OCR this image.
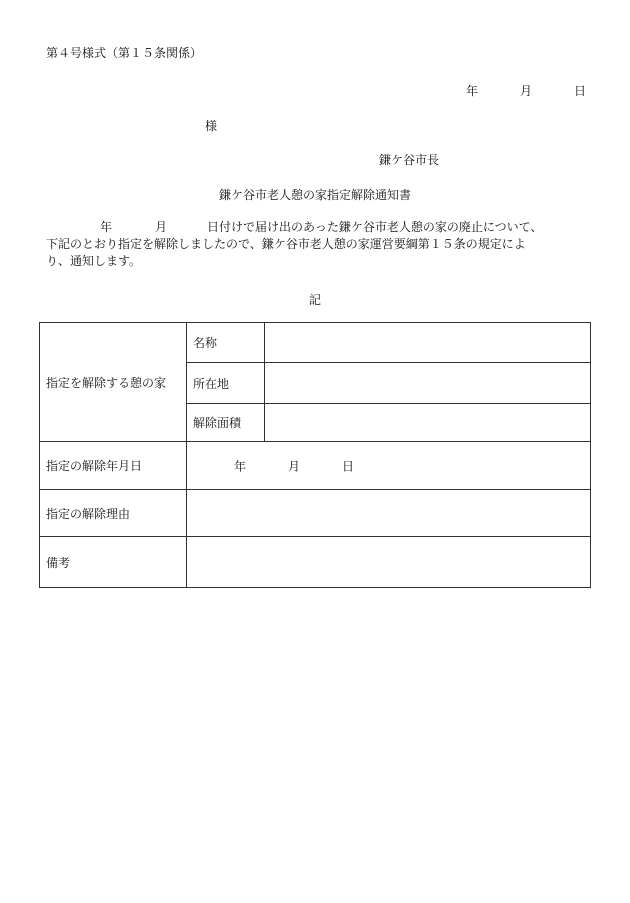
第４号様式（第１５条関係）
年	月	日
様
鎌ケ谷市長
鎌ケ谷市老人憩の家指定解除通知書
年	月	日付けで届け出のあった鎌ケ谷市老人憩の家の廃止について、
下記のとおり指定を解除しましたので、鎌ケ谷市老人憩の家運営要綱第１５条の規定によ
り、通知します。
記
指定を解除する憩の家	名称	
	所在地	
	解除面積	
指定の解除年月日	年 月 日	

指定の解除理由		
備考		
